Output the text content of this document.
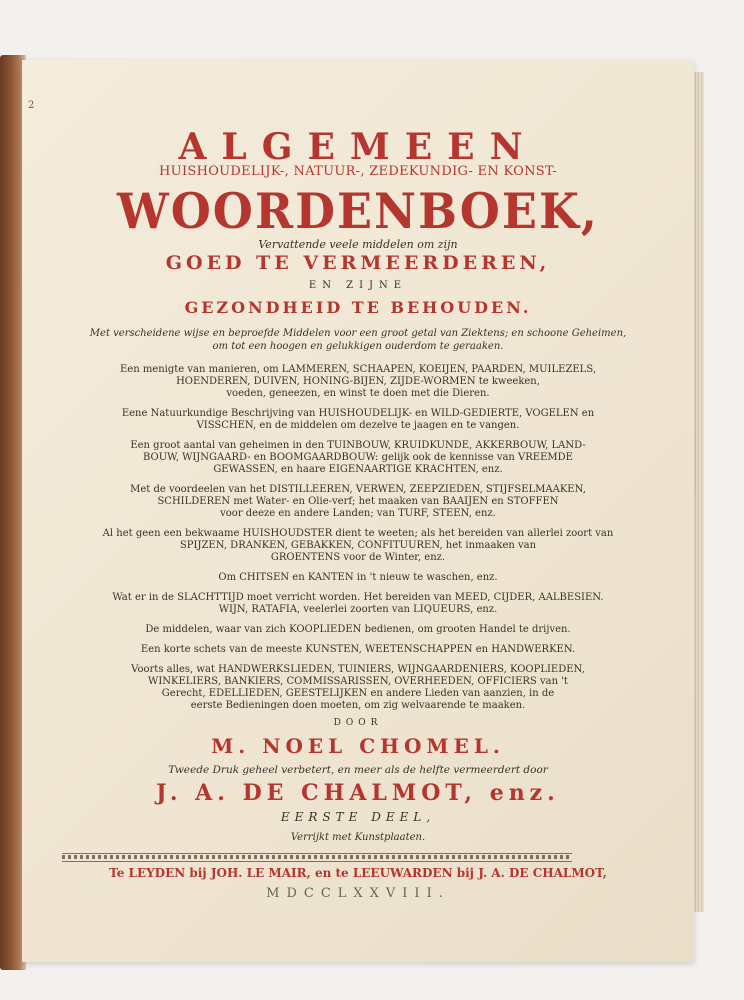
2
ALGEMEEN
HUISHOUDELIJK-, NATUUR-, ZEDEKUNDIG- EN KONST-
WOORDENBOEK,
Vervattende veele middelen om zijn
GOED TE VERMEERDEREN,
EN ZIJNE
GEZONDHEID TE BEHOUDEN.
Met verscheidene wijse en beproefde Middelen voor een groot getal van Ziektens; en schoone Geheimen,
om tot een hoogen en gelukkigen ouderdom te geraaken.
Een menigte van manieren, om LAMMEREN, SCHAAPEN, KOEIJEN, PAARDEN, MUILEZELS,
HOENDEREN, DUIVEN, HONING-BIJEN, ZIJDE-WORMEN te kweeken,
voeden, geneezen, en winst te doen met die Dieren.
Eene Natuurkundige Beschrijving van HUISHOUDELIJK- en WILD-GEDIERTE, VOGELEN en
VISSCHEN, en de middelen om dezelve te jaagen en te vangen.
Een groot aantal van geheimen in den TUINBOUW, KRUIDKUNDE, AKKERBOUW, LAND-
BOUW, WIJNGAARD- en BOOMGAARDBOUW: gelijk ook de kennisse van VREEMDE
GEWASSEN, en haare EIGENAARTIGE KRACHTEN, enz.
Met de voordeelen van het DISTILLEEREN, VERWEN, ZEEPZIEDEN, STIJFSELMAAKEN,
SCHILDEREN met Water- en Olie-verf; het maaken van BAAIJEN en STOFFEN
voor deeze en andere Landen; van TURF, STEEN, enz.
Al het geen een bekwaame HUISHOUDSTER dient te weeten; als het bereiden van allerlei zoort van
SPIJZEN, DRANKEN, GEBAKKEN, CONFITUUREN, het inmaaken van
GROENTENS voor de Winter, enz.
Om CHITSEN en KANTEN in 't nieuw te waschen, enz.
Wat er in de SLACHTTIJD moet verricht worden. Het bereiden van MEED, CIJDER, AALBESIEN.
WIJN, RATAFIA, veelerlei zoorten van LIQUEURS, enz.
De middelen, waar van zich KOOPLIEDEN bedienen, om grooten Handel te drijven.
Een korte schets van de meeste KUNSTEN, WEETENSCHAPPEN en HANDWERKEN.
Voorts alles, wat HANDWERKSLIEDEN, TUINIERS, WIJNGAARDENIERS, KOOPLIEDEN,
WINKELIERS, BANKIERS, COMMISSARISSEN, OVERHEEDEN, OFFICIERS van 't
Gerecht, EDELLIEDEN, GEESTELIJKEN en andere Lieden van aanzien, in de
eerste Bedieningen doen moeten, om zig welvaarende te maaken.
DOOR
M. NOEL CHOMEL.
Tweede Druk geheel verbetert, en meer als de helfte vermeerdert door
J. A. DE CHALMOT, enz.
EERSTE DEEL,
Verrijkt met Kunstplaaten.
Te LEYDEN bij JOH. LE MAIR, en te LEEUWARDEN bij J. A. DE CHALMOT,
MDCCLXXVIII.
